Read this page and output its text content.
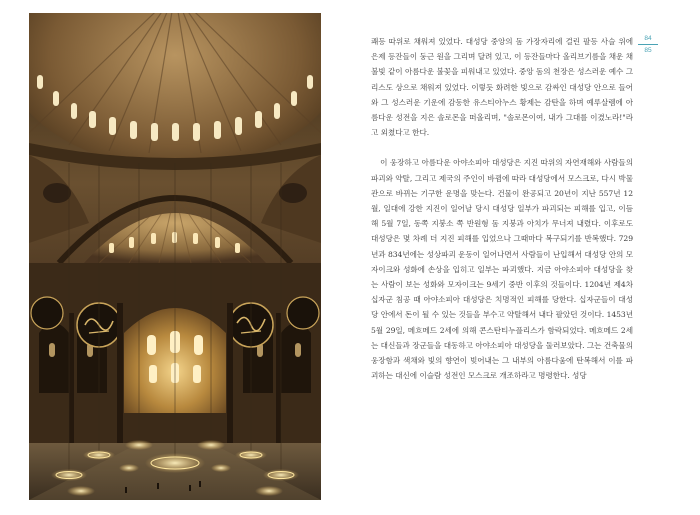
84
85

쾌등 따위로 채워져 있었다. 대성당 중앙의 돔 가장자리에 걸린 팔등 사슬 위에 은제 등잔들이 둥근 원을 그리며 달려 있고, 이 등잔들마다 올리브기름을 채운 채 불빛 같이 아름다운 불꽃을 피워내고 있었다. 중앙 돔의 천장은 성스러운 예수 그리스도 상으로 채워져 있었다. 이렇듯 화려한 빛으로 감싸인 대성당 안으로 들어와 그 성스러운 기운에 감동한 유스티아누스 황제는 감탄을 하며 예루살렘에 아름다운 성전을 지은 솔로몬을 떠올리며, "솔로몬이여, 내가 그대를 이겼노라!"라고 외쳤다고 한다.

이 웅장하고 아름다운 아야소피아 대성당은 지진 따위의 자연재해와 사람들의 파괴와 약탈, 그리고 제국의 주인이 바뀜에 따라 대성당에서 모스크로, 다시 박물관으로 바뀌는 기구한 운명을 맞는다. 건물이 완공되고 20년이 지난 557년 12월, 일대에 강한 지진이 일어날 당시 대성당 일부가 파괴되는 피해를 입고, 이듬해 5월 7일, 동쪽 지붕소 쪽 반원형 돔 지붕과 아치가 무너져 내렸다. 이후로도 대성당은 몇 차례 더 지진 피해를 입었으나 그때마다 복구되기를 반복했다. 729년과 834년에는 성상파괴 운동이 일어나면서 사람들이 난입해서 대성당 안의 모자이크와 성화에 손상을 입히고 일부는 파괴했다. 지금 아야소피아 대성당을 찾는 사람이 보는 성화와 모자이크는 9세기 중반 이후의 것들이다. 1204년 제4차 십자군 침공 때 아야소피아 대성당은 치명적인 피해를 당한다. 십자군들이 대성당 안에서 돈이 될 수 있는 것들을 부수고 약탈해서 내다 팔았던 것이다. 1453년 5월 29일, 메흐메드 2세에 의해 콘스탄티누플리스가 함락되었다. 메흐메드 2세는 대신들과 장군들을 대동하고 아야소피아 대성당을 둘러보았다. 그는 건축물의 웅장함과 색채와 빛의 향연이 빚어내는 그 내부의 아름다움에 탄복해서 이를 파괴하는 대신에 이슬람 성전인 모스크로 개조하라고 명령한다. 성당
